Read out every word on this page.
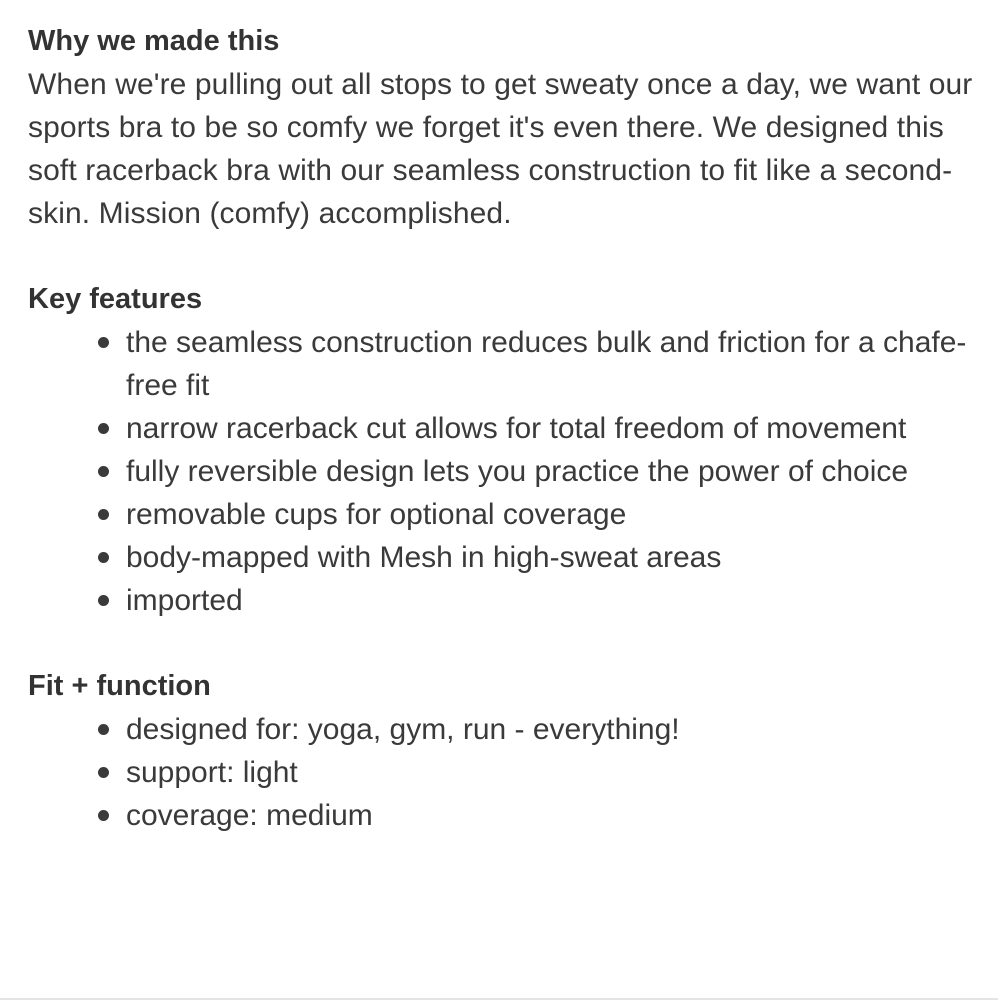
Why we made this

When we're pulling out all stops to get sweaty once a day, we want our sports bra to be so comfy we forget it's even there. We designed this soft racerback bra with our seamless construction to fit like a second-skin. Mission (comfy) accomplished.

Key features
the seamless construction reduces bulk and friction for a chafe-free fit
narrow racerback cut allows for total freedom of movement
fully reversible design lets you practice the power of choice
removable cups for optional coverage
body-mapped with Mesh in high-sweat areas
imported
Fit + function
designed for: yoga, gym, run - everything!
support: light
coverage: medium
